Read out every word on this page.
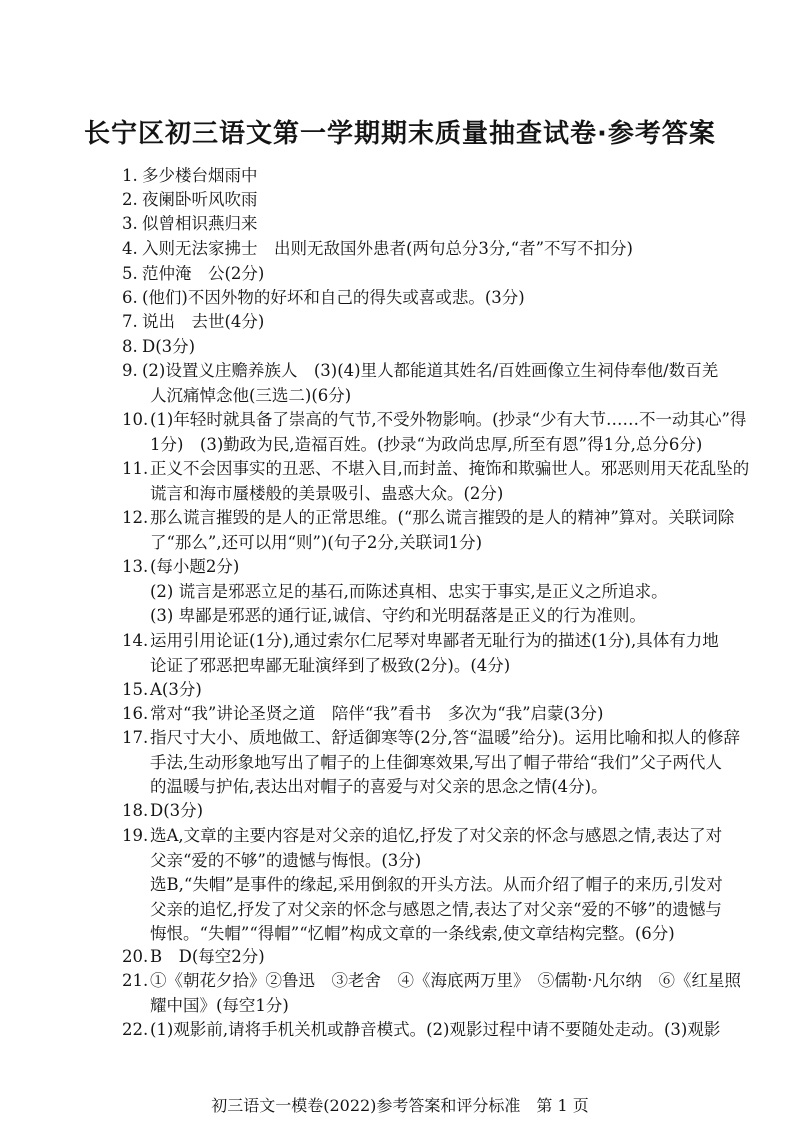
长宁区初三语文第一学期期末质量抽查试卷·参考答案
1. 多少楼台烟雨中
2. 夜阑卧听风吹雨
3. 似曾相识燕归来
4. 入则无法家拂士　出则无敌国外患者(两句总分3分,“者”不写不扣分)
5. 范仲淹　公(2分)
6. (他们)不因外物的好坏和自己的得失或喜或悲。(3分)
7. 说出　去世(4分)
8. D(3分)
9. (2)设置义庄赡养族人　(3)(4)里人都能道其姓名/百姓画像立生祠侍奉他/数百羌
人沉痛悼念他(三选二)(6分)
10. (1)年轻时就具备了崇高的气节,不受外物影响。(抄录“少有大节……不一动其心”得
1分)　(3)勤政为民,造福百姓。(抄录“为政尚忠厚,所至有恩”得1分,总分6分)
11. 正义不会因事实的丑恶、不堪入目,而封盖、掩饰和欺骗世人。邪恶则用天花乱坠的
谎言和海市蜃楼般的美景吸引、蛊惑大众。(2分)
12. 那么谎言摧毁的是人的正常思维。(“那么谎言摧毁的是人的精神”算对。关联词除
了“那么”,还可以用“则”)(句子2分,关联词1分)
13. (每小题2分)
(2) 谎言是邪恶立足的基石,而陈述真相、忠实于事实,是正义之所追求。
(3) 卑鄙是邪恶的通行证,诚信、守约和光明磊落是正义的行为准则。
14. 运用引用论证(1分),通过索尔仁尼琴对卑鄙者无耻行为的描述(1分),具体有力地
论证了邪恶把卑鄙无耻演绎到了极致(2分)。(4分)
15. A(3分)
16. 常对“我”讲论圣贤之道　陪伴“我”看书　多次为“我”启蒙(3分)
17. 指尺寸大小、质地做工、舒适御寒等(2分,答“温暖”给分)。运用比喻和拟人的修辞
手法,生动形象地写出了帽子的上佳御寒效果,写出了帽子带给“我们”父子两代人
的温暖与护佑,表达出对帽子的喜爱与对父亲的思念之情(4分)。
18. D(3分)
19. 选A,文章的主要内容是对父亲的追忆,抒发了对父亲的怀念与感恩之情,表达了对
父亲“爱的不够”的遗憾与悔恨。(3分)
选B,“失帽”是事件的缘起,采用倒叙的开头方法。从而介绍了帽子的来历,引发对
父亲的追忆,抒发了对父亲的怀念与感恩之情,表达了对父亲“爱的不够”的遗憾与
悔恨。“失帽”“得帽”“忆帽”构成文章的一条线索,使文章结构完整。(6分)
20. B　D(每空2分)
21. ①《朝花夕拾》②鲁迅　③老舍　④《海底两万里》　⑤儒勒·凡尔纳　⑥《红星照
耀中国》(每空1分)
22. (1)观影前,请将手机关机或静音模式。(2)观影过程中请不要随处走动。(3)观影
初三语文一模卷(2022)参考答案和评分标准　第 1 页
